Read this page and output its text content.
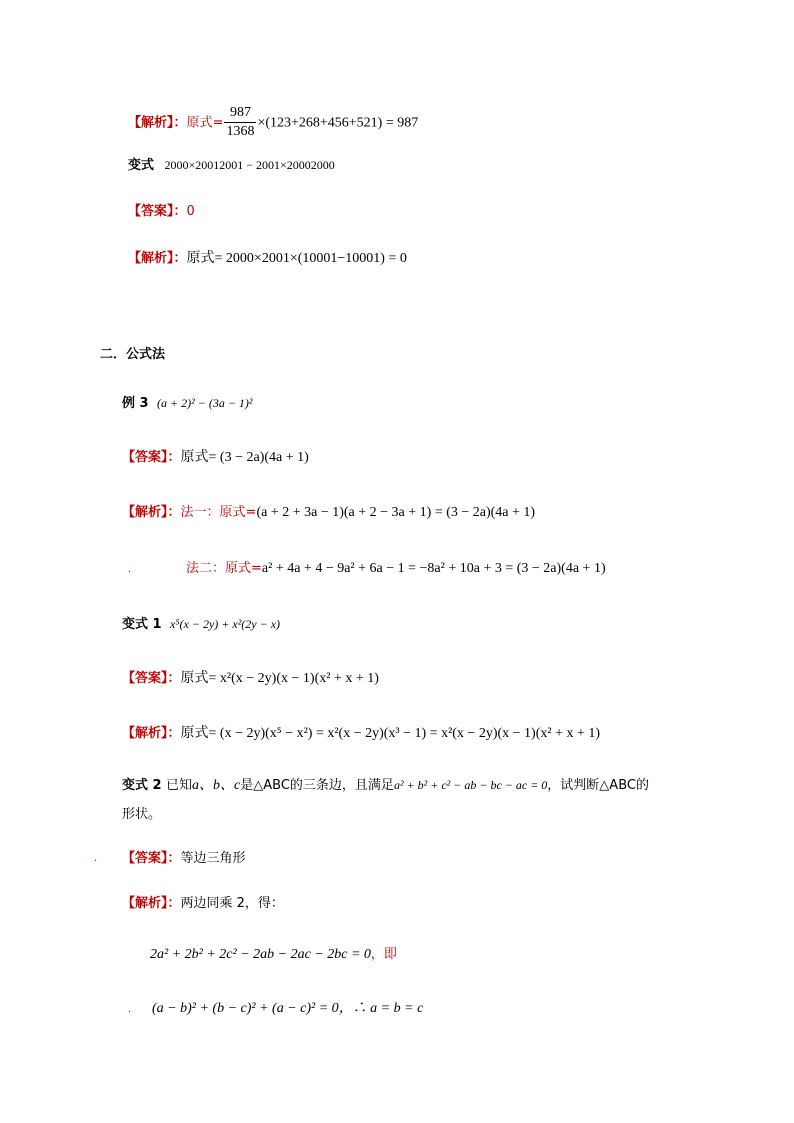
【解析】：原式= $\frac{987}{1368} \times(123+268+456+521) = 987$
变式 2000×20012001 − 2001×20002000
【答案】：0
【解析】：原式= 2000×2001×(10001−10001) = 0
二．公式法
例 3 (a + 2)² − (3a − 1)²
【答案】：原式= (3 − 2a)(4a + 1)
【解析】：法一：原式=(a + 2 + 3a − 1)(a + 2 − 3a + 1) = (3 − 2a)(4a + 1)
.	法二：原式=a² + 4a + 4 − 9a² + 6a − 1 = −8a² + 10a + 3 = (3 − 2a)(4a + 1)
变式 1 x⁵(x − 2y) + x²(2y − x)
【答案】：原式= x²(x − 2y)(x − 1)(x² + x + 1)
【解析】：原式= (x − 2y)(x⁵ − x²) = x²(x − 2y)(x³ − 1) = x²(x − 2y)(x − 1)(x² + x + 1)
变式 2 已知a、b、c是△ABC的三条边，且满足a² + b² + c² − ab − bc − ac = 0，试判断△ABC的
形状。
. 【答案】：等边三角形
【解析】：两边同乘 2，得：
2a² + 2b² + 2c² − 2ab − 2ac − 2bc = 0，即
. (a − b)² + (b − c)² + (a − c)² = 0，∴ a = b = c
